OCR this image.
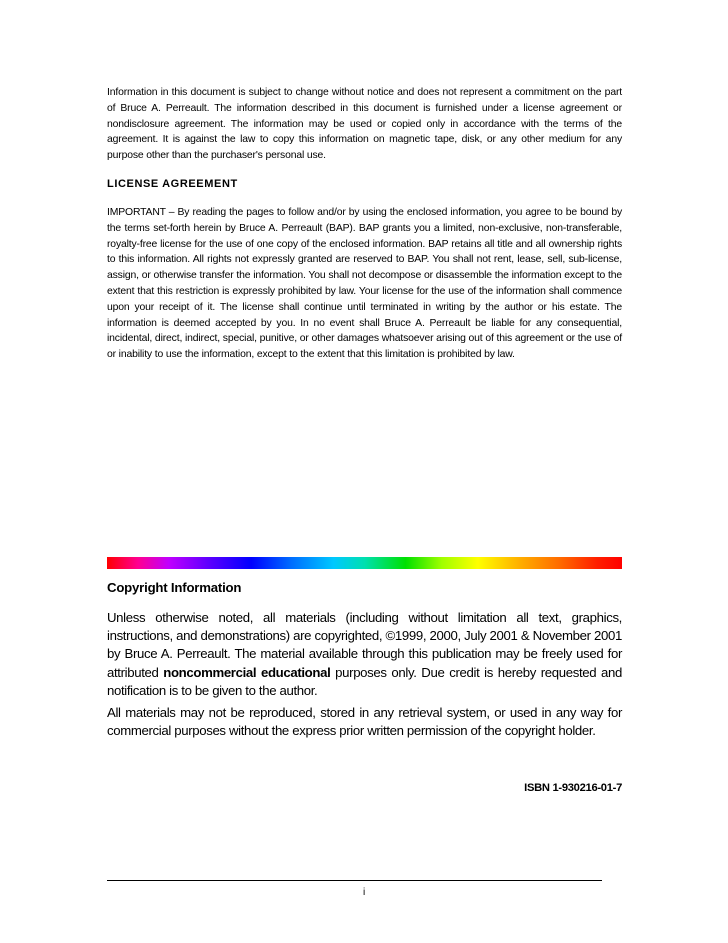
Information in this document is subject to change without notice and does not represent a commitment on the part of Bruce A. Perreault. The information described in this document is furnished under a license agreement or nondisclosure agreement. The information may be used or copied only in accordance with the terms of the agreement. It is against the law to copy this information on magnetic tape, disk, or any other medium for any purpose other than the purchaser's personal use.

LICENSE AGREEMENT

IMPORTANT – By reading the pages to follow and/or by using the enclosed information, you agree to be bound by the terms set-forth herein by Bruce A. Perreault (BAP). BAP grants you a limited, non-exclusive, non-transferable, royalty-free license for the use of one copy of the enclosed information. BAP retains all title and all ownership rights to this information. All rights not expressly granted are reserved to BAP. You shall not rent, lease, sell, sub-license, assign, or otherwise transfer the information. You shall not decompose or disassemble the information except to the extent that this restriction is expressly prohibited by law. Your license for the use of the information shall commence upon your receipt of it. The license shall continue until terminated in writing by the author or his estate. The information is deemed accepted by you. In no event shall Bruce A. Perreault be liable for any consequential, incidental, direct, indirect, special, punitive, or other damages whatsoever arising out of this agreement or the use of or inability to use the information, except to the extent that this limitation is prohibited by law.

Copyright Information

Unless otherwise noted, all materials (including without limitation all text, graphics, instructions, and demonstrations) are copyrighted, ©1999, 2000, July 2001 & November 2001 by Bruce A. Perreault. The material available through this publication may be freely used for attributed noncommercial educational purposes only. Due credit is hereby requested and notification is to be given to the author.

All materials may not be reproduced, stored in any retrieval system, or used in any way for commercial purposes without the express prior written permission of the copyright holder.

ISBN 1-930216-01-7

i
